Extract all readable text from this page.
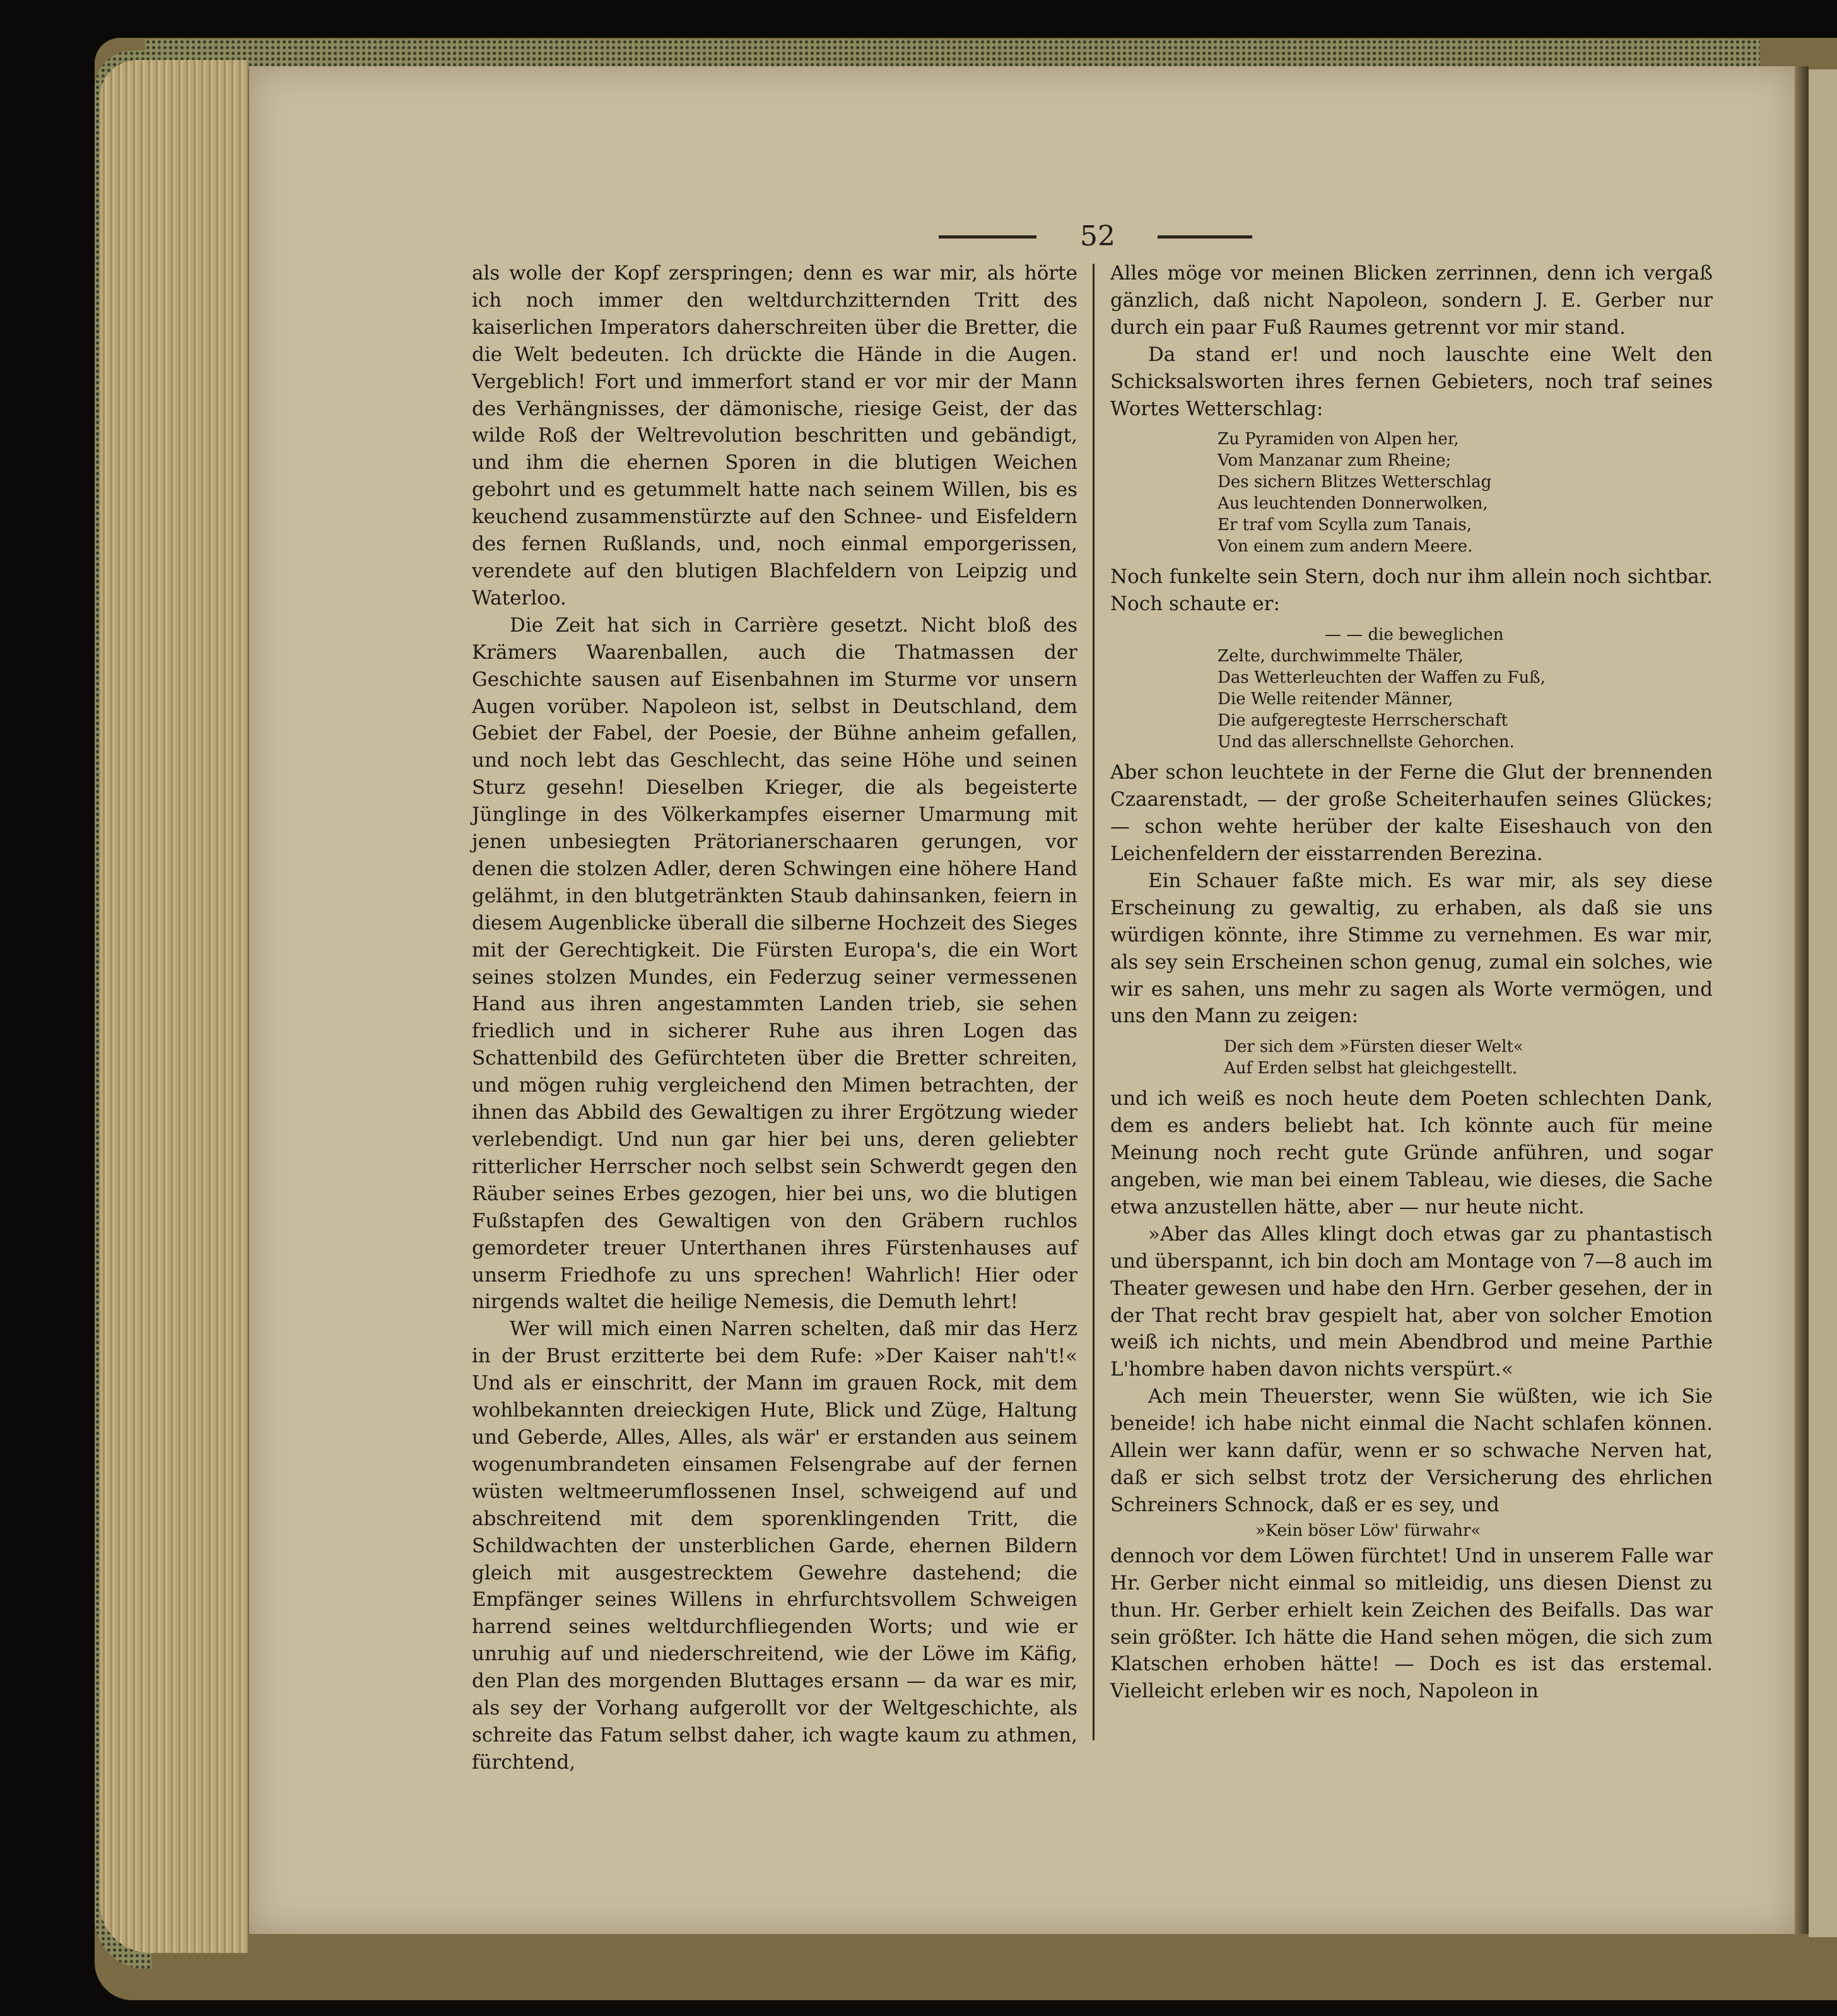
52

als wolle der Kopf zerspringen; denn es war mir, als hörte ich noch immer den weltdurchzitternden Tritt des kaiserlichen Imperators daherschreiten über die Bretter, die die Welt bedeuten. Ich drückte die Hände in die Augen. Vergeblich! Fort und immerfort stand er vor mir der Mann des Verhängnisses, der dämonische, riesige Geist, der das wilde Roß der Weltrevolution beschritten und gebändigt, und ihm die ehernen Sporen in die blutigen Weichen gebohrt und es getummelt hatte nach seinem Willen, bis es keuchend zusammenstürzte auf den Schnee- und Eisfeldern des fernen Rußlands, und, noch einmal emporgerissen, verendete auf den blutigen Blachfeldern von Leipzig und Waterloo.

Die Zeit hat sich in Carrière gesetzt. Nicht bloß des Krämers Waarenballen, auch die Thatmassen der Geschichte sausen auf Eisenbahnen im Sturme vor unsern Augen vorüber. Napoleon ist, selbst in Deutschland, dem Gebiet der Fabel, der Poesie, der Bühne anheim gefallen, und noch lebt das Geschlecht, das seine Höhe und seinen Sturz gesehn! Dieselben Krieger, die als begeisterte Jünglinge in des Völkerkampfes eiserner Umarmung mit jenen unbesiegten Prätorianerschaaren gerungen, vor denen die stolzen Adler, deren Schwingen eine höhere Hand gelähmt, in den blutgetränkten Staub dahinsanken, feiern in diesem Augenblicke überall die silberne Hochzeit des Sieges mit der Gerechtigkeit. Die Fürsten Europa's, die ein Wort seines stolzen Mundes, ein Federzug seiner vermessenen Hand aus ihren angestammten Landen trieb, sie sehen friedlich und in sicherer Ruhe aus ihren Logen das Schattenbild des Gefürchteten über die Bretter schreiten, und mögen ruhig vergleichend den Mimen betrachten, der ihnen das Abbild des Gewaltigen zu ihrer Ergötzung wieder verlebendigt. Und nun gar hier bei uns, deren geliebter ritterlicher Herrscher noch selbst sein Schwerdt gegen den Räuber seines Erbes gezogen, hier bei uns, wo die blutigen Fußstapfen des Gewaltigen von den Gräbern ruchlos gemordeter treuer Unterthanen ihres Fürstenhauses auf unserm Friedhofe zu uns sprechen! Wahrlich! Hier oder nirgends waltet die heilige Nemesis, die Demuth lehrt!

Wer will mich einen Narren schelten, daß mir das Herz in der Brust erzitterte bei dem Rufe: »Der Kaiser nah't!« Und als er einschritt, der Mann im grauen Rock, mit dem wohlbekannten dreieckigen Hute, Blick und Züge, Haltung und Geberde, Alles, Alles, als wär' er erstanden aus seinem wogenumbrandeten einsamen Felsengrabe auf der fernen wüsten weltmeerumflossenen Insel, schweigend auf und abschreitend mit dem sporenklingenden Tritt, die Schildwachten der unsterblichen Garde, ehernen Bildern gleich mit ausgestrecktem Gewehre dastehend; die Empfänger seines Willens in ehrfurchtsvollem Schweigen harrend seines weltdurchfliegenden Worts; und wie er unruhig auf und niederschreitend, wie der Löwe im Käfig, den Plan des morgenden Bluttages ersann — da war es mir, als sey der Vorhang aufgerollt vor der Weltgeschichte, als schreite das Fatum selbst daher, ich wagte kaum zu athmen, fürchtend,

Alles möge vor meinen Blicken zerrinnen, denn ich vergaß gänzlich, daß nicht Napoleon, sondern J. E. Gerber nur durch ein paar Fuß Raumes getrennt vor mir stand.

Da stand er! und noch lauschte eine Welt den Schicksalsworten ihres fernen Gebieters, noch traf seines Wortes Wetterschlag:

Zu Pyramiden von Alpen her,
Vom Manzanar zum Rheine;
Des sichern Blitzes Wetterschlag
Aus leuchtenden Donnerwolken,
Er traf vom Scylla zum Tanais,
Von einem zum andern Meere.

Noch funkelte sein Stern, doch nur ihm allein noch sichtbar. Noch schaute er:

— — die beweglichen
Zelte, durchwimmelte Thäler,
Das Wetterleuchten der Waffen zu Fuß,
Die Welle reitender Männer,
Die aufgeregteste Herrscherschaft
Und das allerschnellste Gehorchen.

Aber schon leuchtete in der Ferne die Glut der brennenden Czaarenstadt, — der große Scheiterhaufen seines Glückes; — schon wehte herüber der kalte Eiseshauch von den Leichenfeldern der eisstarrenden Berezina.

Ein Schauer faßte mich. Es war mir, als sey diese Erscheinung zu gewaltig, zu erhaben, als daß sie uns würdigen könnte, ihre Stimme zu vernehmen. Es war mir, als sey sein Erscheinen schon genug, zumal ein solches, wie wir es sahen, uns mehr zu sagen als Worte vermögen, und uns den Mann zu zeigen:

Der sich dem »Fürsten dieser Welt«
Auf Erden selbst hat gleichgestellt.

und ich weiß es noch heute dem Poeten schlechten Dank, dem es anders beliebt hat. Ich könnte auch für meine Meinung noch recht gute Gründe anführen, und sogar angeben, wie man bei einem Tableau, wie dieses, die Sache etwa anzustellen hätte, aber — nur heute nicht.

»Aber das Alles klingt doch etwas gar zu phantastisch und überspannt, ich bin doch am Montage von 7—8 auch im Theater gewesen und habe den Hrn. Gerber gesehen, der in der That recht brav gespielt hat, aber von solcher Emotion weiß ich nichts, und mein Abendbrod und meine Parthie L'hombre haben davon nichts verspürt.«

Ach mein Theuerster, wenn Sie wüßten, wie ich Sie beneide! ich habe nicht einmal die Nacht schlafen können. Allein wer kann dafür, wenn er so schwache Nerven hat, daß er sich selbst trotz der Versicherung des ehrlichen Schreiners Schnock, daß er es sey, und

»Kein böser Löw' fürwahr«

dennoch vor dem Löwen fürchtet! Und in unserem Falle war Hr. Gerber nicht einmal so mitleidig, uns diesen Dienst zu thun. Hr. Gerber erhielt kein Zeichen des Beifalls. Das war sein größter. Ich hätte die Hand sehen mögen, die sich zum Klatschen erhoben hätte! — Doch es ist das erstemal. Vielleicht erleben wir es noch, Napoleon in
